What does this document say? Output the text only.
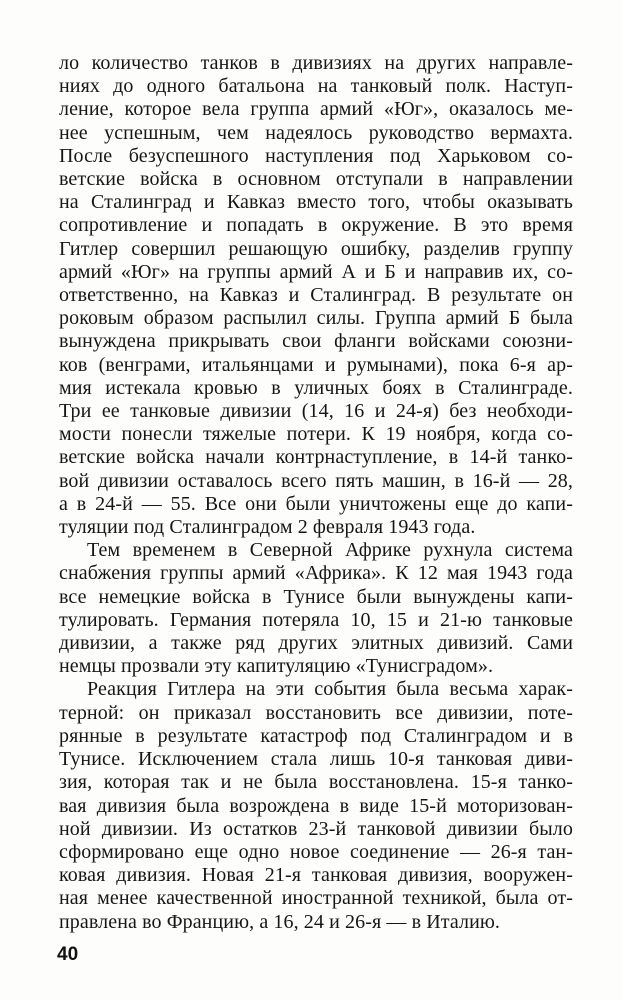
ло количество танков в дивизиях на других направле-
ниях до одного батальона на танковый полк. Наступ-
ление, которое вела группа армий «Юг», оказалось ме-
нее успешным, чем надеялось руководство вермахта.
После безуспешного наступления под Харьковом со-
ветские войска в основном отступали в направлении
на Сталинград и Кавказ вместо того, чтобы оказывать
сопротивление и попадать в окружение. В это время
Гитлер совершил решающую ошибку, разделив группу
армий «Юг» на группы армий А и Б и направив их, со-
ответственно, на Кавказ и Сталинград. В результате он
роковым образом распылил силы. Группа армий Б была
вынуждена прикрывать свои фланги войсками союзни-
ков (венграми, итальянцами и румынами), пока 6-я ар-
мия истекала кровью в уличных боях в Сталинграде.
Три ее танковые дивизии (14, 16 и 24-я) без необходи-
мости понесли тяжелые потери. К 19 ноября, когда со-
ветские войска начали контрнаступление, в 14-й танко-
вой дивизии оставалось всего пять машин, в 16-й — 28,
а в 24-й — 55. Все они были уничтожены еще до капи-
туляции под Сталинградом 2 февраля 1943 года.
Тем временем в Северной Африке рухнула система
снабжения группы армий «Африка». К 12 мая 1943 года
все немецкие войска в Тунисе были вынуждены капи-
тулировать. Германия потеряла 10, 15 и 21-ю танковые
дивизии, а также ряд других элитных дивизий. Сами
немцы прозвали эту капитуляцию «Тунисградом».
Реакция Гитлера на эти события была весьма харак-
терной: он приказал восстановить все дивизии, поте-
рянные в результате катастроф под Сталинградом и в
Тунисе. Исключением стала лишь 10-я танковая диви-
зия, которая так и не была восстановлена. 15-я танко-
вая дивизия была возрождена в виде 15-й моторизован-
ной дивизии. Из остатков 23-й танковой дивизии было
сформировано еще одно новое соединение — 26-я тан-
ковая дивизия. Новая 21-я танковая дивизия, вооружен-
ная менее качественной иностранной техникой, была от-
правлена во Францию, а 16, 24 и 26-я — в Италию.
40
